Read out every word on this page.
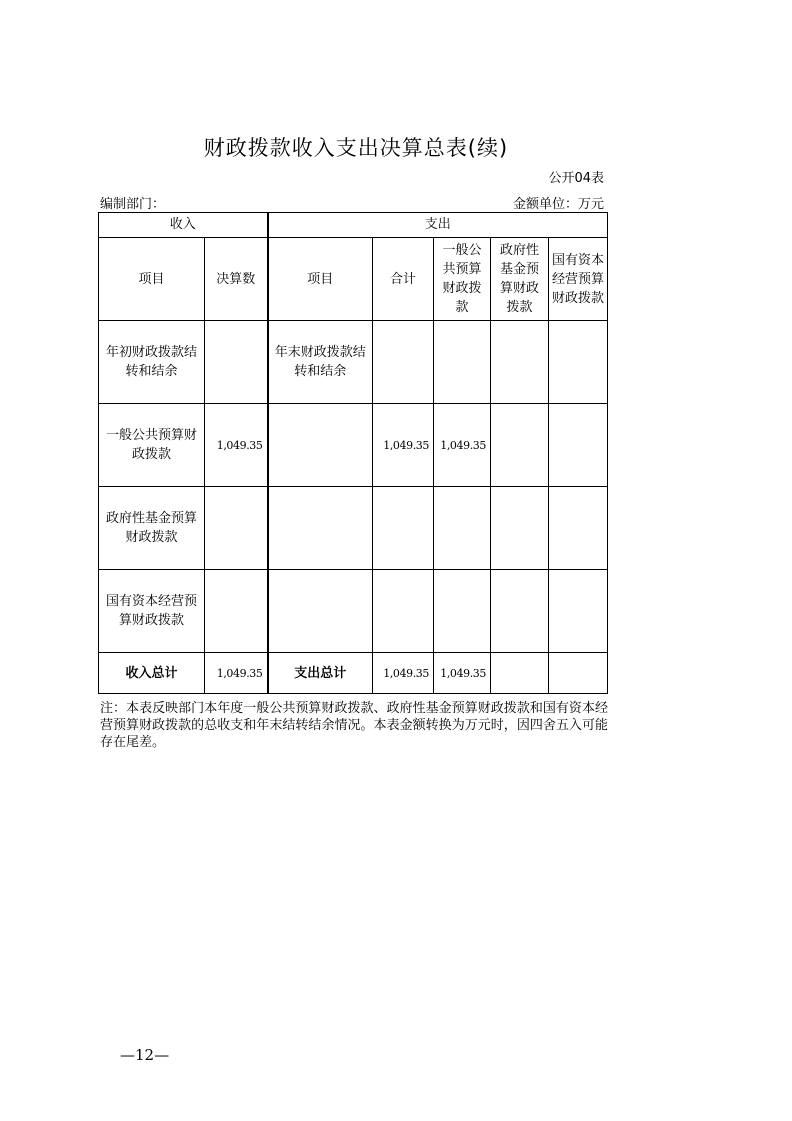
财政拨款收入支出决算总表(续)
公开04表
编制部门：	金额单位：万元
收入		支出				
项目	决算数	项目	合计	一般公共预算财政拨款	政府性基金预算财政拨款	国有资本经营预算财政拨款
年初财政拨款结转和结余		年末财政拨款结转和结余				
一般公共预算财政拨款	1,049.35		1,049.35	1,049.35		
政府性基金预算财政拨款						
国有资本经营预算财政拨款						
收入总计	1,049.35	支出总计	1,049.35	1,049.35		
注：本表反映部门本年度一般公共预算财政拨款、政府性基金预算财政拨款和国有资本经营预算财政拨款的总收支和年末结转结余情况。本表金额转换为万元时，因四舍五入可能存在尾差。
—12—
